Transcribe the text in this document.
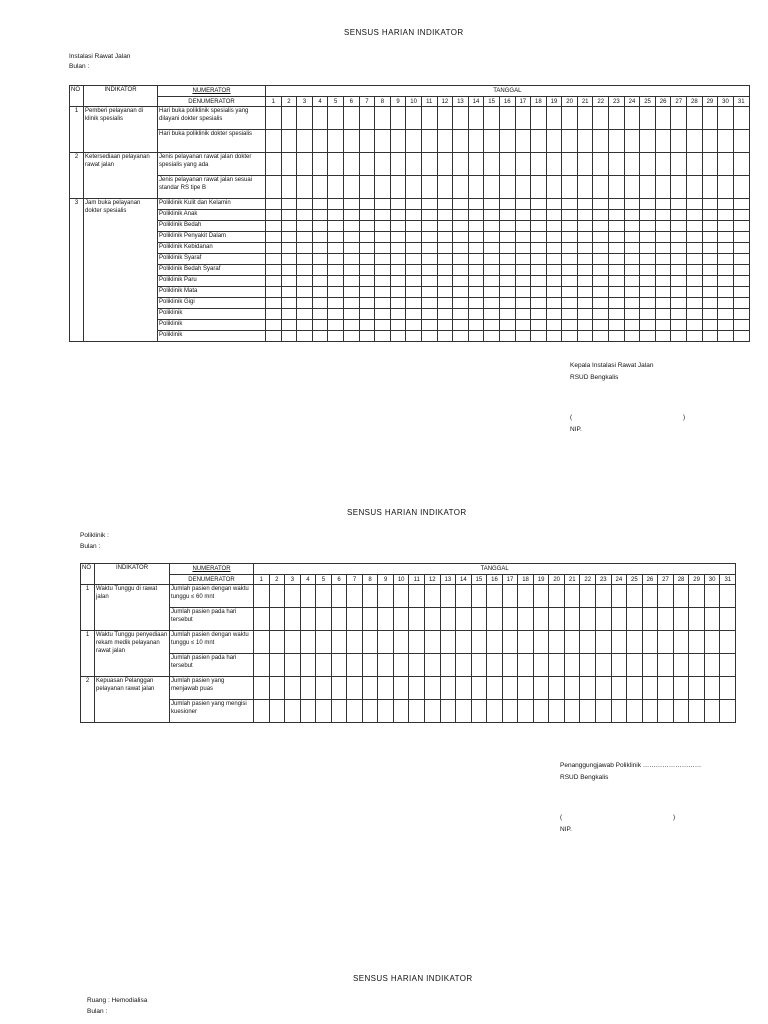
SENSUS HARIAN INDIKATOR
Instalasi Rawat Jalan
Bulan :
NO	INDIKATOR	NUMERATOR	TANGGAL																														
		DENUMERATOR	1	2	3	4	5	6	7	8	9	10	11	12	13	14	15	16	17	18	19	20	21	22	23	24	25	26	27	28	29	30	31
1	Pemberi pelayanan di klinik spesialis	Hari buka poliklinik spesialis yang dilayani dokter spesialis																															
		Hari buka poliklinik dokter spesialis																															
2	Ketersediaan pelayanan rawat jalan	Jenis pelayanan rawat jalan dokter spesialis yang ada																															
		Jenis pelayanan rawat jalan sesuai standar RS tipe B																															
3	Jam buka pelayanan dokter spesialis	Poliklinik Kulit dan Kelamin																															
		Poliklinik Anak																															
		Poliklinik Bedah																															
		Poliklinik Penyakit Dalam																															
		Poliklinik Kebidanan																															
		Poliklinik Syaraf																															
		Poliklinik Bedah Syaraf																															
		Poliklinik Paru																															
		Poliklinik Mata																															
		Poliklinik Gigi																															
		Poliklinik																															
		Poliklinik																															
		Poliklinik																															
Kepala Instalasi Rawat Jalan
RSUD Bengkalis
(	)
NIP.
SENSUS HARIAN INDIKATOR
Poliklinik :
Bulan :
NO	INDIKATOR	NUMERATOR	TANGGAL																														
		DENUMERATOR	1	2	3	4	5	6	7	8	9	10	11	12	13	14	15	16	17	18	19	20	21	22	23	24	25	26	27	28	29	30	31
1	Waktu Tunggu di rawat jalan	Jumlah pasien dengan waktu tunggu ≤ 60 mnt																															
		Jumlah pasien pada hari tersebut																															
1	Waktu Tunggu penyediaan rekam medik pelayanan rawat jalan	Jumlah pasien dengan waktu tunggu ≤ 10 mnt																															
		Jumlah pasien pada hari tersebut																															
2	Kepuasan Pelanggan pelayanan rawat jalan	Jumlah pasien yang menjawab puas																															
		Jumlah pasien yang mengisi kuesioner																															
Penanggungjawab Poliklinik ………………………
RSUD Bengkalis
(	)
NIP.
SENSUS HARIAN INDIKATOR
Ruang : Hemodialisa
Bulan :
